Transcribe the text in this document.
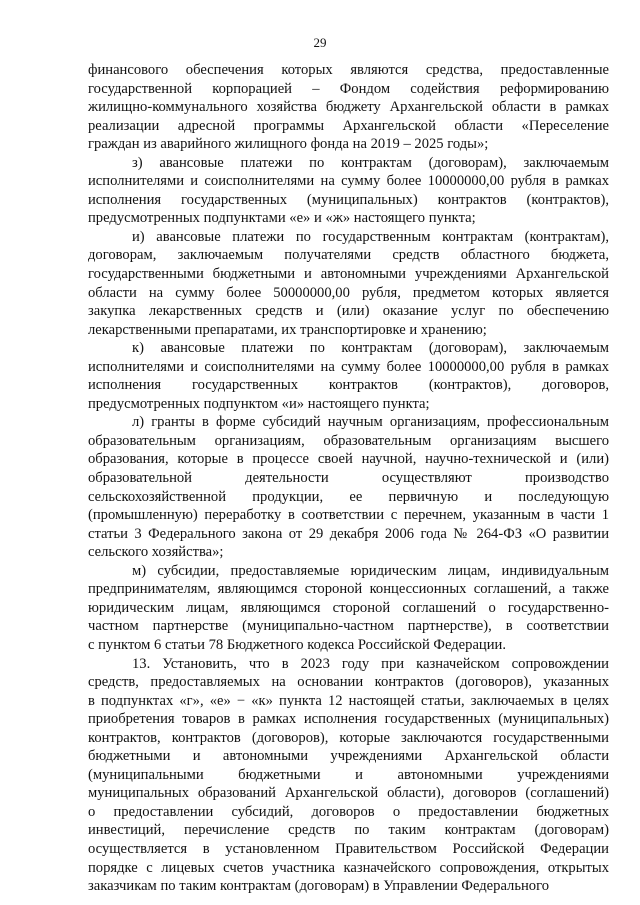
29
финансового обеспечения которых являются средства, предоставленные
государственной корпорацией – Фондом содействия реформированию
жилищно-коммунального хозяйства бюджету Архангельской области в рамках
реализации адресной программы Архангельской области «Переселение
граждан из аварийного жилищного фонда на 2019 – 2025 годы»;
з) авансовые платежи по контрактам (договорам), заключаемым
исполнителями и соисполнителями на сумму более 10000000,00 рубля в рамках
исполнения государственных (муниципальных) контрактов (контрактов),
предусмотренных подпунктами «е» и «ж» настоящего пункта;
и) авансовые платежи по государственным контрактам (контрактам),
договорам, заключаемым получателями средств областного бюджета,
государственными бюджетными и автономными учреждениями Архангельской
области на сумму более 50000000,00 рубля, предметом которых является
закупка лекарственных средств и (или) оказание услуг по обеспечению
лекарственными препаратами, их транспортировке и хранению;
к) авансовые платежи по контрактам (договорам), заключаемым
исполнителями и соисполнителями на сумму более 10000000,00 рубля в рамках
исполнения государственных контрактов (контрактов), договоров,
предусмотренных подпунктом «и» настоящего пункта;
л) гранты в форме субсидий научным организациям, профессиональным
образовательным организациям, образовательным организациям высшего
образования, которые в процессе своей научной, научно-технической и (или)
образовательной деятельности осуществляют производство
сельскохозяйственной продукции, ее первичную и последующую
(промышленную) переработку в соответствии с перечнем, указанным в части 1
статьи 3 Федерального закона от 29 декабря 2006 года № 264-ФЗ «О развитии
сельского хозяйства»;
м) субсидии, предоставляемые юридическим лицам, индивидуальным
предпринимателям, являющимся стороной концессионных соглашений, а также
юридическим лицам, являющимся стороной соглашений о государственно-
частном партнерстве (муниципально-частном партнерстве), в соответствии
с пунктом 6 статьи 78 Бюджетного кодекса Российской Федерации.
13. Установить, что в 2023 году при казначейском сопровождении
средств, предоставляемых на основании контрактов (договоров), указанных
в подпунктах «г», «е» − «к» пункта 12 настоящей статьи, заключаемых в целях
приобретения товаров в рамках исполнения государственных (муниципальных)
контрактов, контрактов (договоров), которые заключаются государственными
бюджетными и автономными учреждениями Архангельской области
(муниципальными бюджетными и автономными учреждениями
муниципальных образований Архангельской области), договоров (соглашений)
о предоставлении субсидий, договоров о предоставлении бюджетных
инвестиций, перечисление средств по таким контрактам (договорам)
осуществляется в установленном Правительством Российской Федерации
порядке с лицевых счетов участника казначейского сопровождения, открытых
заказчикам по таким контрактам (договорам) в Управлении Федерального
